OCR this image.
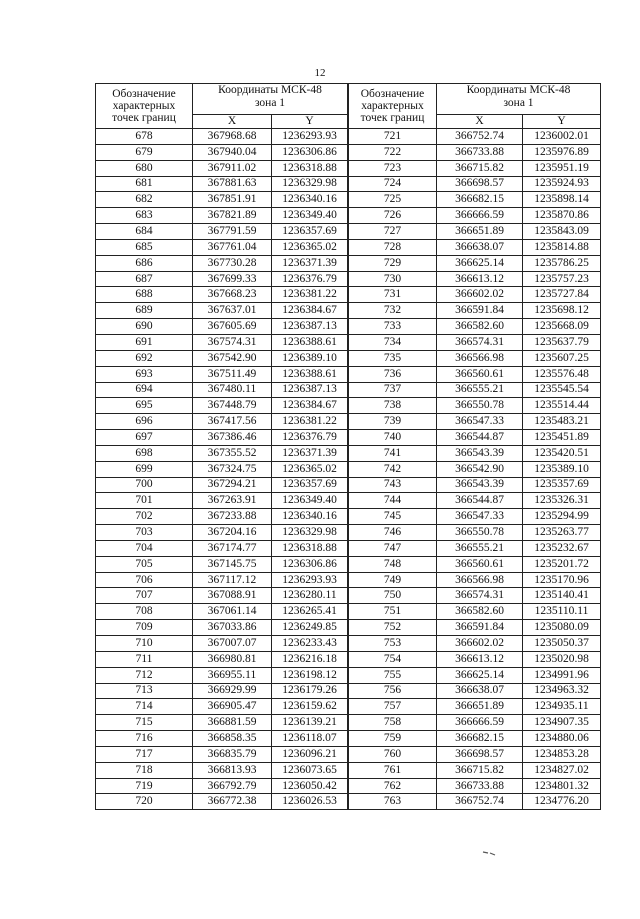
12
Обозначение
характерных
точек границ	Координаты МСК-48
зона 1	
	X	Y
678	367968.68	1236293.93
679	367940.04	1236306.86
680	367911.02	1236318.88
681	367881.63	1236329.98
682	367851.91	1236340.16
683	367821.89	1236349.40
684	367791.59	1236357.69
685	367761.04	1236365.02
686	367730.28	1236371.39
687	367699.33	1236376.79
688	367668.23	1236381.22
689	367637.01	1236384.67
690	367605.69	1236387.13
691	367574.31	1236388.61
692	367542.90	1236389.10
693	367511.49	1236388.61
694	367480.11	1236387.13
695	367448.79	1236384.67
696	367417.56	1236381.22
697	367386.46	1236376.79
698	367355.52	1236371.39
699	367324.75	1236365.02
700	367294.21	1236357.69
701	367263.91	1236349.40
702	367233.88	1236340.16
703	367204.16	1236329.98
704	367174.77	1236318.88
705	367145.75	1236306.86
706	367117.12	1236293.93
707	367088.91	1236280.11
708	367061.14	1236265.41
709	367033.86	1236249.85
710	367007.07	1236233.43
711	366980.81	1236216.18
712	366955.11	1236198.12
713	366929.99	1236179.26
714	366905.47	1236159.62
715	366881.59	1236139.21
716	366858.35	1236118.07
717	366835.79	1236096.21
718	366813.93	1236073.65
719	366792.79	1236050.42
720	366772.38	1236026.53
Обозначение
характерных
точек границ	Координаты МСК-48
зона 1	
	X	Y
721	366752.74	1236002.01
722	366733.88	1235976.89
723	366715.82	1235951.19
724	366698.57	1235924.93
725	366682.15	1235898.14
726	366666.59	1235870.86
727	366651.89	1235843.09
728	366638.07	1235814.88
729	366625.14	1235786.25
730	366613.12	1235757.23
731	366602.02	1235727.84
732	366591.84	1235698.12
733	366582.60	1235668.09
734	366574.31	1235637.79
735	366566.98	1235607.25
736	366560.61	1235576.48
737	366555.21	1235545.54
738	366550.78	1235514.44
739	366547.33	1235483.21
740	366544.87	1235451.89
741	366543.39	1235420.51
742	366542.90	1235389.10
743	366543.39	1235357.69
744	366544.87	1235326.31
745	366547.33	1235294.99
746	366550.78	1235263.77
747	366555.21	1235232.67
748	366560.61	1235201.72
749	366566.98	1235170.96
750	366574.31	1235140.41
751	366582.60	1235110.11
752	366591.84	1235080.09
753	366602.02	1235050.37
754	366613.12	1235020.98
755	366625.14	1234991.96
756	366638.07	1234963.32
757	366651.89	1234935.11
758	366666.59	1234907.35
759	366682.15	1234880.06
760	366698.57	1234853.28
761	366715.82	1234827.02
762	366733.88	1234801.32
763	366752.74	1234776.20
